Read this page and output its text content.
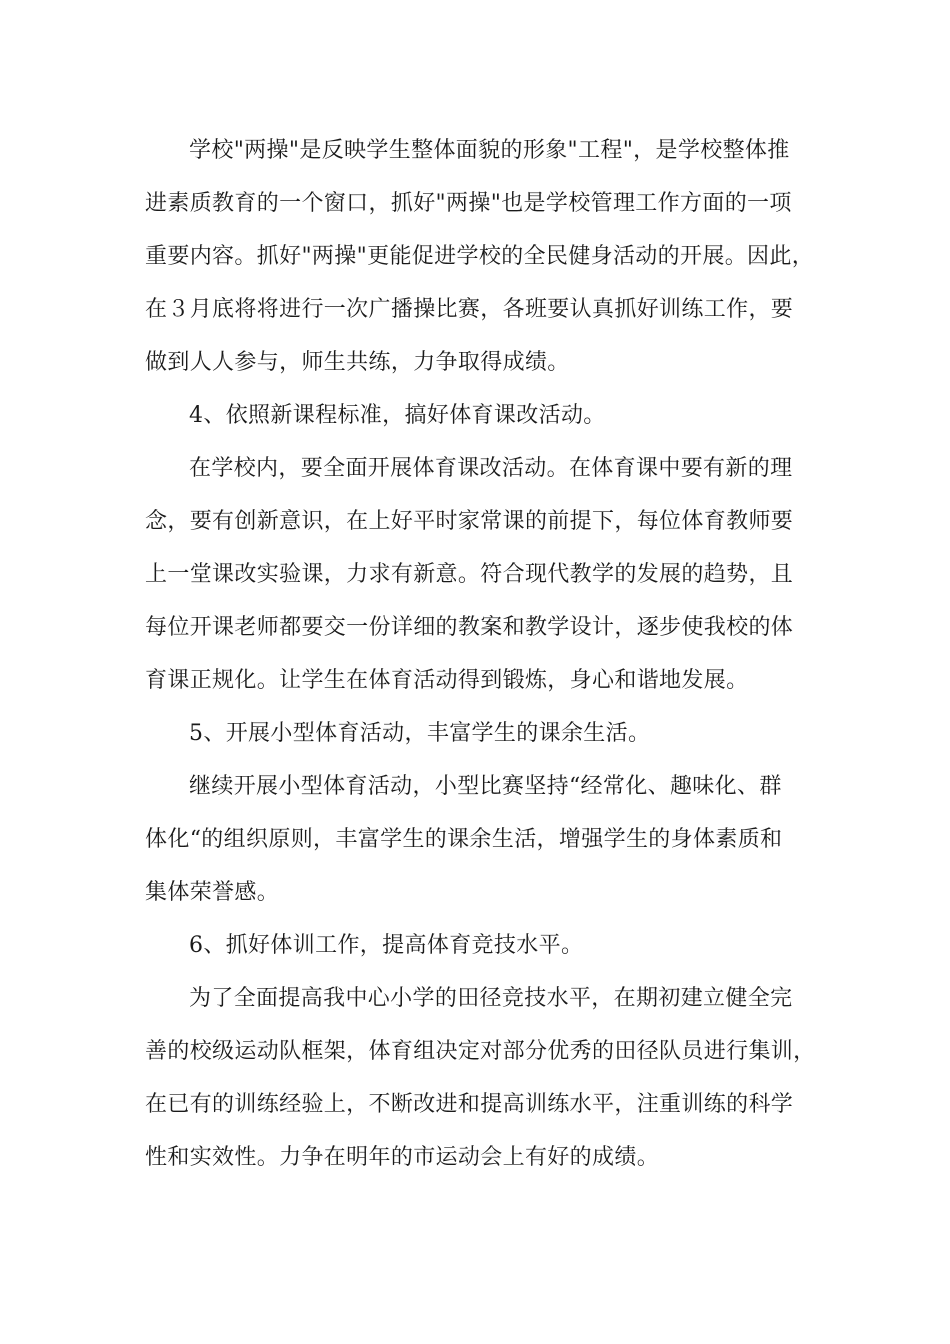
学校"两操"是反映学生整体面貌的形象"工程"，是学校整体推
进素质教育的一个窗口，抓好"两操"也是学校管理工作方面的一项
重要内容。抓好"两操"更能促进学校的全民健身活动的开展。因此，
在３月底将将进行一次广播操比赛，各班要认真抓好训练工作，要
做到人人参与，师生共练，力争取得成绩。
4、依照新课程标准，搞好体育课改活动。
在学校内，要全面开展体育课改活动。在体育课中要有新的理
念，要有创新意识，在上好平时家常课的前提下，每位体育教师要
上一堂课改实验课，力求有新意。符合现代教学的发展的趋势，且
每位开课老师都要交一份详细的教案和教学设计，逐步使我校的体
育课正规化。让学生在体育活动得到锻炼，身心和谐地发展。
5、开展小型体育活动，丰富学生的课余生活。
继续开展小型体育活动，小型比赛坚持“经常化、趣味化、群
体化“的组织原则，丰富学生的课余生活，增强学生的身体素质和
集体荣誉感。
6、抓好体训工作，提高体育竞技水平。
为了全面提高我中心小学的田径竞技水平，在期初建立健全完
善的校级运动队框架，体育组决定对部分优秀的田径队员进行集训，
在已有的训练经验上，不断改进和提高训练水平，注重训练的科学
性和实效性。力争在明年的市运动会上有好的成绩。
